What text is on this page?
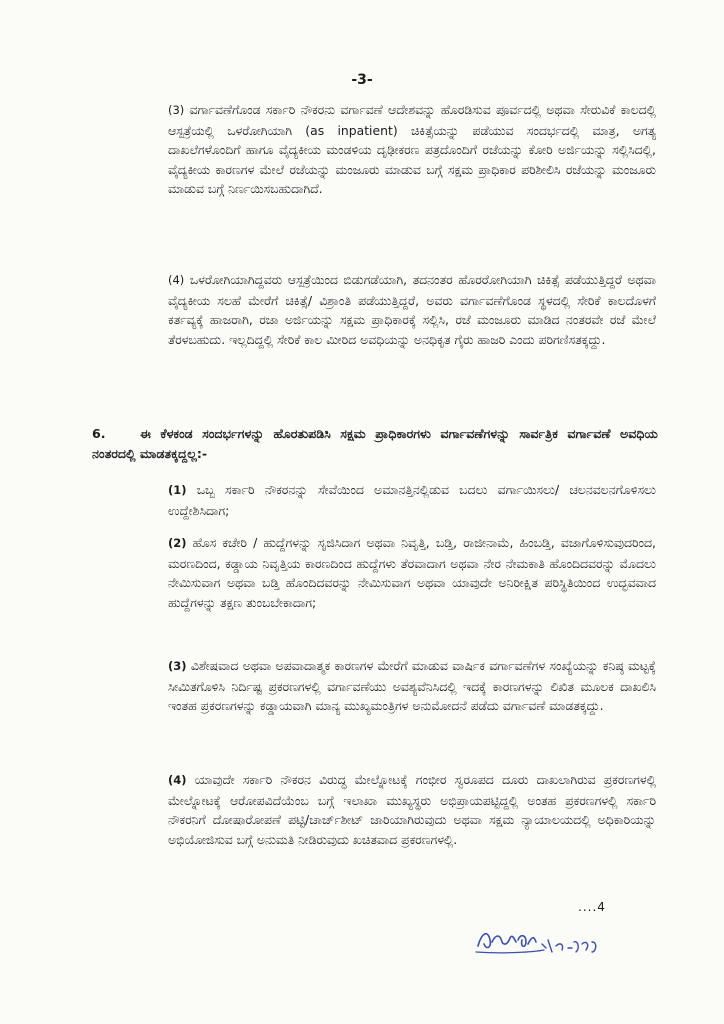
-3-

(3) ವರ್ಗಾವಣೆಗೊಂಡ ಸರ್ಕಾರಿ ನೌಕರನು ವರ್ಗಾವಣೆ ಆದೇಶವನ್ನು ಹೊರಡಿಸುವ ಪೂರ್ವದಲ್ಲಿ ಅಥವಾ ಸೇರುವಿಕೆ ಕಾಲದಲ್ಲಿ ಆಸ್ಪತ್ರೆಯಲ್ಲಿ ಒಳರೋಗಿಯಾಗಿ (as inpatient) ಚಿಕಿತ್ಸೆಯನ್ನು ಪಡೆಯುವ ಸಂದರ್ಭದಲ್ಲಿ ಮಾತ್ರ, ಅಗತ್ಯ ದಾಖಲೆಗಳೊಂದಿಗೆ ಹಾಗೂ ವೈದ್ಯಕೀಯ ಮಂಡಳಿಯ ದೃಢೀಕರಣ ಪತ್ರದೊಂದಿಗೆ ರಜೆಯನ್ನು ಕೋರಿ ಅರ್ಜಿಯನ್ನು ಸಲ್ಲಿಸಿದಲ್ಲಿ, ವೈದ್ಯಕೀಯ ಕಾರಣಗಳ ಮೇಲೆ ರಜೆಯನ್ನು ಮಂಜೂರು ಮಾಡುವ ಬಗ್ಗೆ ಸಕ್ಷಮ ಪ್ರಾಧಿಕಾರ ಪರಿಶೀಲಿಸಿ ರಜೆಯನ್ನು ಮಂಜೂರು ಮಾಡುವ ಬಗ್ಗೆ ನಿರ್ಣಯಿಸಬಹುದಾಗಿದೆ.

(4) ಒಳರೋಗಿಯಾಗಿದ್ದವರು ಆಸ್ಪತ್ರೆಯಿಂದ ಬಿಡುಗಡೆಯಾಗಿ, ತದನಂತರ ಹೊರರೋಗಿಯಾಗಿ ಚಿಕಿತ್ಸೆ ಪಡೆಯುತ್ತಿದ್ದರೆ ಅಥವಾ ವೈದ್ಯಕೀಯ ಸಲಹೆ ಮೇರೆಗೆ ಚಿಕಿತ್ಸೆ/ ವಿಶ್ರಾಂತಿ ಪಡೆಯುತ್ತಿದ್ದರೆ, ಅವರು ವರ್ಗಾವಣೆಗೊಂಡ ಸ್ಥಳದಲ್ಲಿ ಸೇರಿಕೆ ಕಾಲದೊಳಗೆ ಕರ್ತವ್ಯಕ್ಕೆ ಹಾಜರಾಗಿ, ರಜಾ ಅರ್ಜಿಯನ್ನು ಸಕ್ಷಮ ಪ್ರಾಧಿಕಾರಕ್ಕೆ ಸಲ್ಲಿಸಿ, ರಜೆ ಮಂಜೂರು ಮಾಡಿದ ನಂತರವೇ ರಜೆ ಮೇಲೆ ತೆರಳಬಹುದು. ಇಲ್ಲದಿದ್ದಲ್ಲಿ ಸೇರಿಕೆ ಕಾಲ ಮೀರಿದ ಅವಧಿಯನ್ನು ಅನಧಿಕೃತ ಗೈರು ಹಾಜರಿ ಎಂದು ಪರಿಗಣಿಸತಕ್ಕದ್ದು.

6.	ಈ ಕೆಳಕಂಡ ಸಂದರ್ಭಗಳನ್ನು ಹೊರತುಪಡಿಸಿ ಸಕ್ಷಮ ಪ್ರಾಧಿಕಾರಗಳು ವರ್ಗಾವಣೆಗಳನ್ನು ಸಾರ್ವತ್ರಿಕ ವರ್ಗಾವಣೆ ಅವಧಿಯ ನಂತರದಲ್ಲಿ ಮಾಡತಕ್ಕದ್ದಲ್ಲ:-

(1) ಒಬ್ಬ ಸರ್ಕಾರಿ ನೌಕರನನ್ನು ಸೇವೆಯಿಂದ ಅಮಾನತ್ತಿನಲ್ಲಿಡುವ ಬದಲು ವರ್ಗಾಯಿಸಲು/ ಚಲನವಲನಗೊಳಿಸಲು ಉದ್ದೇಶಿಸಿದಾಗ;

(2) ಹೊಸ ಕಚೇರಿ / ಹುದ್ದೆಗಳನ್ನು ಸೃಜಿಸಿದಾಗ ಅಥವಾ ನಿವೃತ್ತಿ, ಬಡ್ತಿ, ರಾಜೀನಾಮೆ, ಹಿಂಬಡ್ತಿ, ವಜಾಗೊಳಿಸುವುದರಿಂದ, ಮರಣದಿಂದ, ಕಡ್ಡಾಯ ನಿವೃತ್ತಿಯ ಕಾರಣದಿಂದ ಹುದ್ದೆಗಳು ತೆರವಾದಾಗ ಅಥವಾ ನೇರ ನೇಮಕಾತಿ ಹೊಂದಿದವರನ್ನು ಮೊದಲು ನೇಮಿಸುವಾಗ ಅಥವಾ ಬಡ್ತಿ ಹೊಂದಿದವರನ್ನು ನೇಮಿಸುವಾಗ ಅಥವಾ ಯಾವುದೇ ಅನಿರೀಕ್ಷಿತ ಪರಿಸ್ಥಿತಿಯಿಂದ ಉದ್ಭವವಾದ ಹುದ್ದೆಗಳನ್ನು ತಕ್ಷಣ ತುಂಬಬೇಕಾದಾಗ;

(3) ವಿಶೇಷವಾದ ಅಥವಾ ಅಪವಾದಾತ್ಮಕ ಕಾರಣಗಳ ಮೇರೆಗೆ ಮಾಡುವ ವಾರ್ಷಿಕ ವರ್ಗಾವಣೆಗಳ ಸಂಖ್ಯೆಯನ್ನು ಕನಿಷ್ಠ ಮಟ್ಟಕ್ಕೆ ಸೀಮಿತಗೊಳಿಸಿ ನಿರ್ದಿಷ್ಟ ಪ್ರಕರಣಗಳಲ್ಲಿ ವರ್ಗಾವಣೆಯು ಅವಶ್ಯವೆನಿಸಿದಲ್ಲಿ ಇದಕ್ಕೆ ಕಾರಣಗಳನ್ನು ಲಿಖಿತ ಮೂಲಕ ದಾಖಲಿಸಿ ಇಂತಹ ಪ್ರಕರಣಗಳನ್ನು ಕಡ್ಡಾಯವಾಗಿ ಮಾನ್ಯ ಮುಖ್ಯಮಂತ್ರಿಗಳ ಅನುಮೋದನೆ ಪಡೆದು ವರ್ಗಾವಣೆ ಮಾಡತಕ್ಕದ್ದು.

(4) ಯಾವುದೇ ಸರ್ಕಾರಿ ನೌಕರನ ವಿರುದ್ಧ ಮೇಲ್ನೋಟಕ್ಕೆ ಗಂಭೀರ ಸ್ವರೂಪದ ದೂರು ದಾಖಲಾಗಿರುವ ಪ್ರಕರಣಗಳಲ್ಲಿ ಮೇಲ್ನೋಟಕ್ಕೆ ಆರೋಪವಿದೆಯೆಂಬ ಬಗ್ಗೆ ಇಲಾಖಾ ಮುಖ್ಯಸ್ಥರು ಅಭಿಪ್ರಾಯಪಟ್ಟಿದ್ದಲ್ಲಿ ಅಂತಹ ಪ್ರಕರಣಗಳಲ್ಲಿ ಸರ್ಕಾರಿ ನೌಕರನಿಗೆ ದೋಷಾರೋಪಣೆ ಪಟ್ಟಿ/ಚಾರ್ಜ್‌ಶೀಟ್ ಜಾರಿಯಾಗಿರುವುದು ಅಥವಾ ಸಕ್ಷಮ ನ್ಯಾಯಾಲಯದಲ್ಲಿ ಅಧಿಕಾರಿಯನ್ನು ಅಭಿಯೋಜಿಸುವ ಬಗ್ಗೆ ಅನುಮತಿ ನೀಡಿರುವುದು ಖಚಿತವಾದ ಪ್ರಕರಣಗಳಲ್ಲಿ.

....4
